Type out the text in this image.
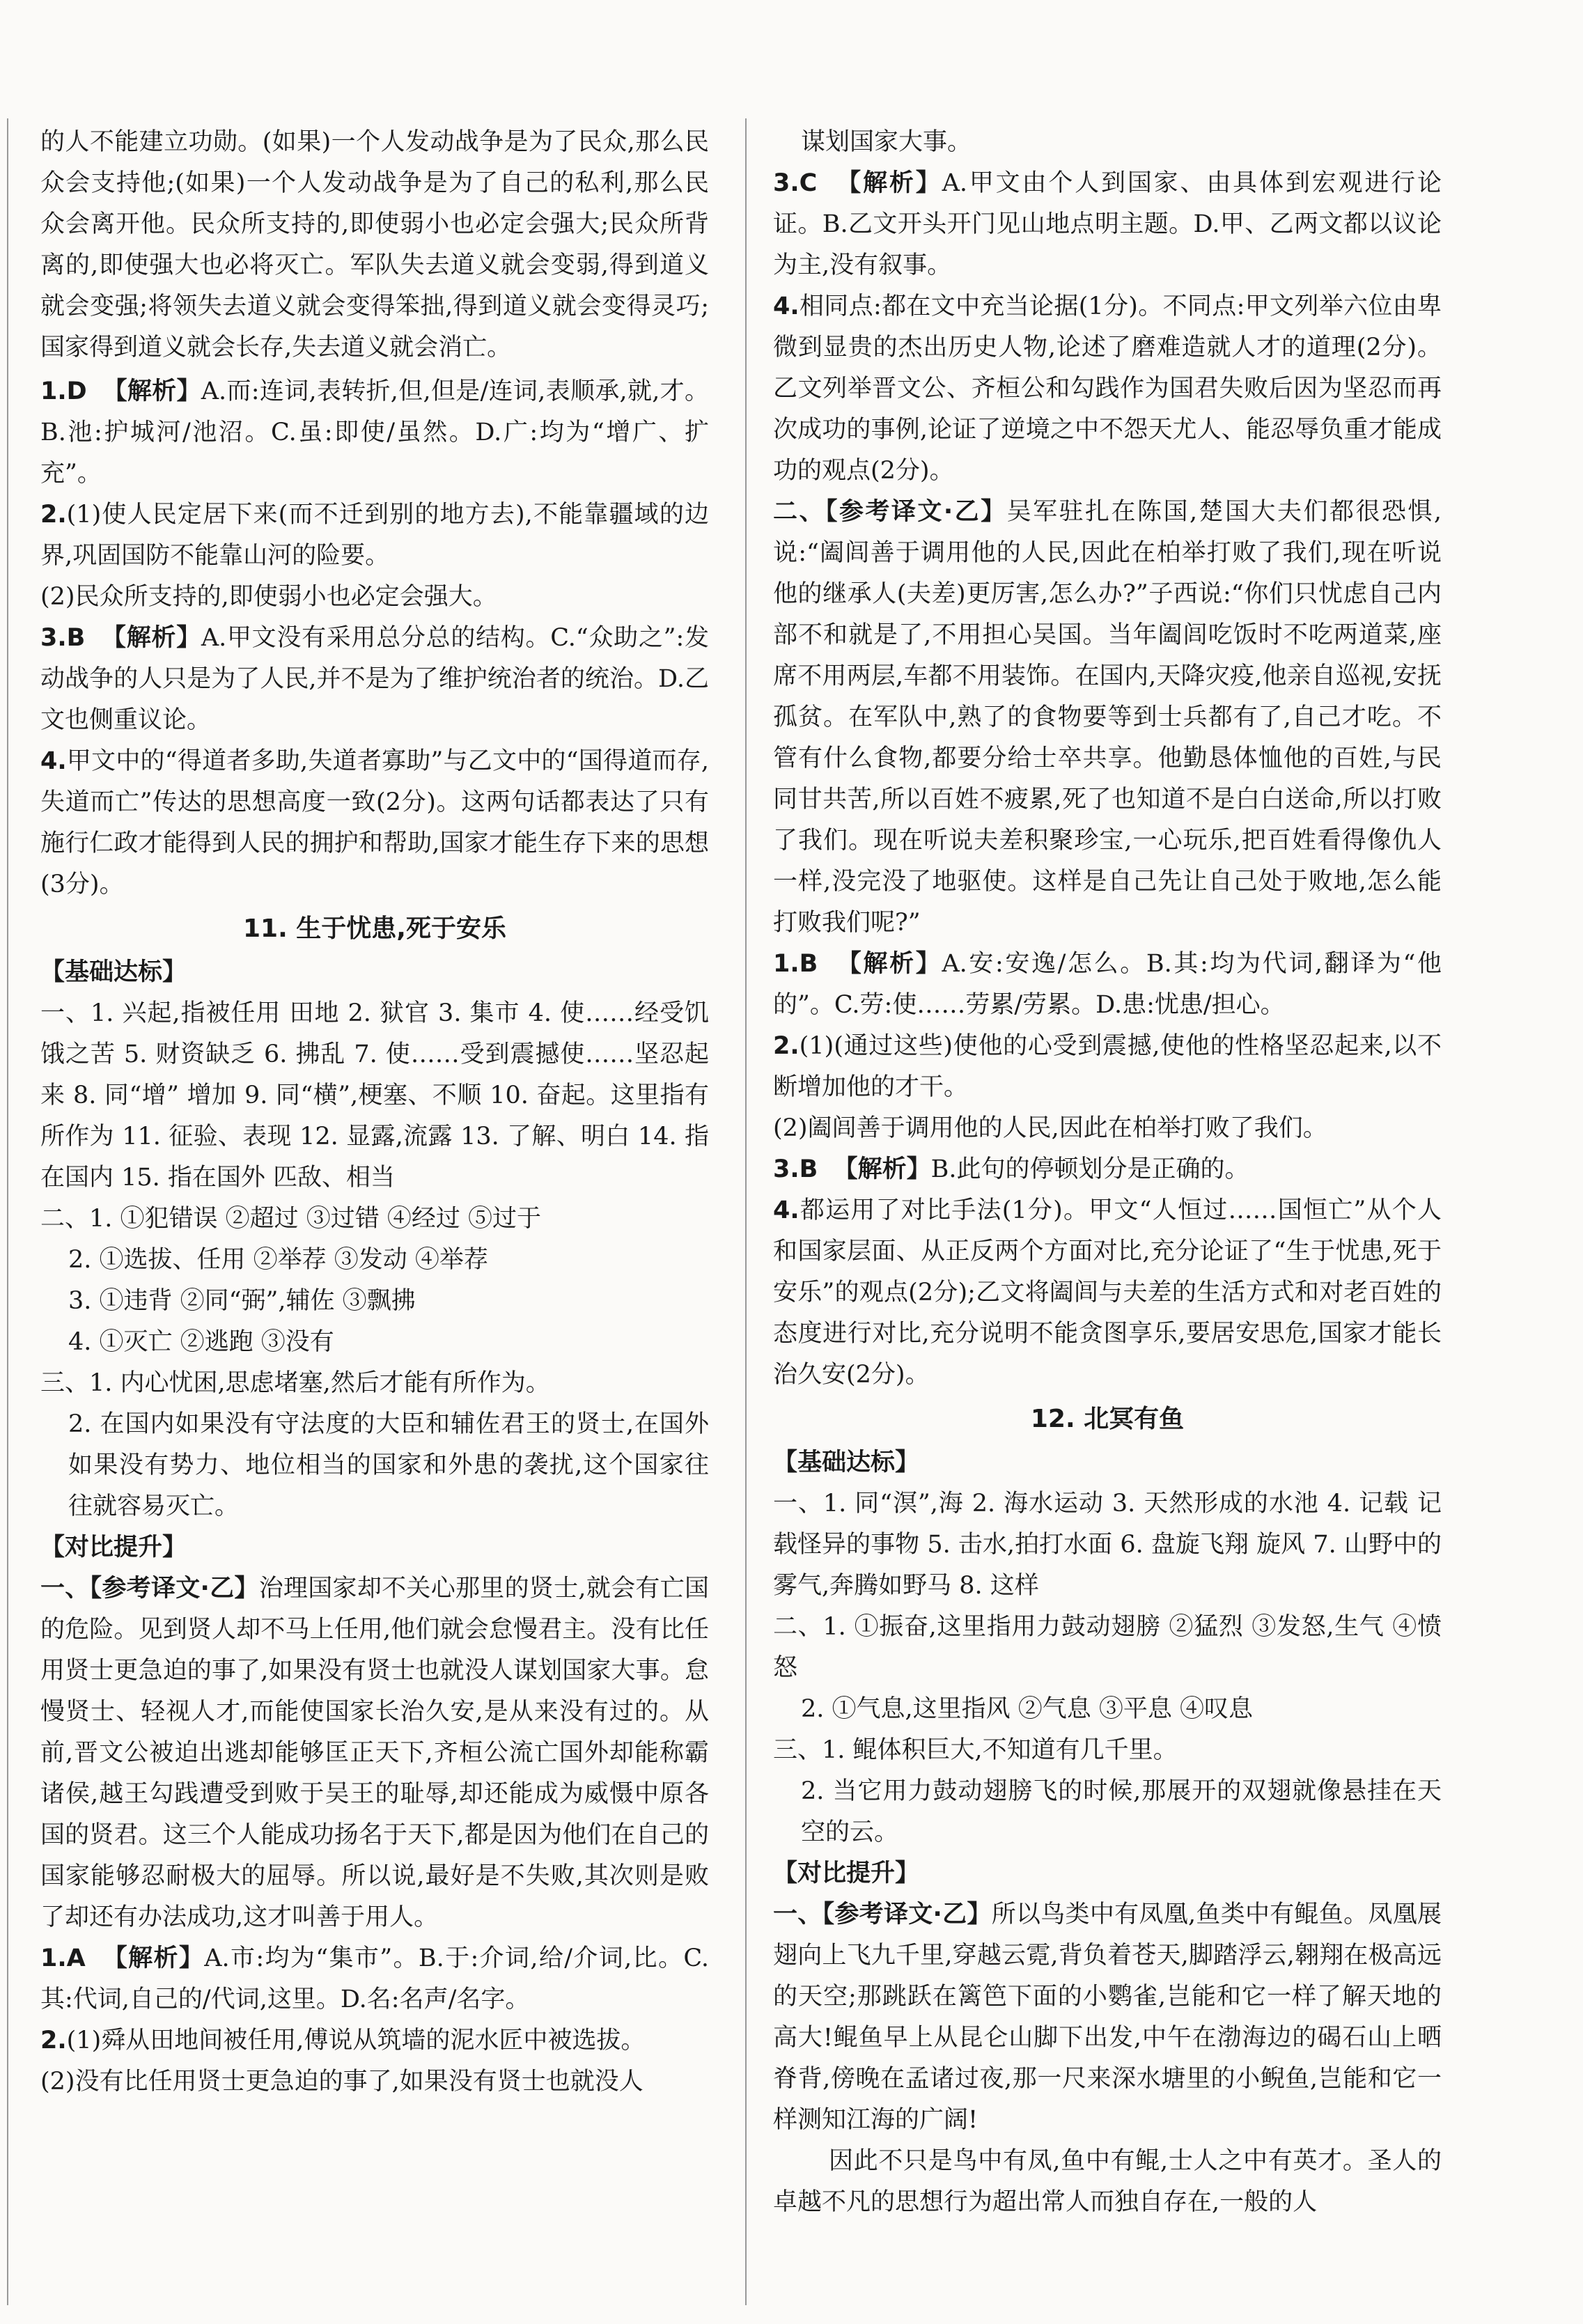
的人不能建立功勋。(如果)一个人发动战争是为了民众,那么民众会支持他;(如果)一个人发动战争是为了自己的私利,那么民众会离开他。民众所支持的,即使弱小也必定会强大;民众所背离的,即使强大也必将灭亡。军队失去道义就会变弱,得到道义就会变强;将领失去道义就会变得笨拙,得到道义就会变得灵巧;国家得到道义就会长存,失去道义就会消亡。

1.D 【解析】A.而:连词,表转折,但,但是/连词,表顺承,就,才。B.池:护城河/池沼。C.虽:即使/虽然。D.广:均为“增广、扩充”。

2.(1)使人民定居下来(而不迁到别的地方去),不能靠疆域的边界,巩固国防不能靠山河的险要。

(2)民众所支持的,即使弱小也必定会强大。

3.B 【解析】A.甲文没有采用总分总的结构。C.“众助之”:发动战争的人只是为了人民,并不是为了维护统治者的统治。D.乙文也侧重议论。

4.甲文中的“得道者多助,失道者寡助”与乙文中的“国得道而存,失道而亡”传达的思想高度一致(2分)。这两句话都表达了只有施行仁政才能得到人民的拥护和帮助,国家才能生存下来的思想(3分)。

11. 生于忧患,死于安乐
【基础达标】

一、1. 兴起,指被任用 田地 2. 狱官 3. 集市 4. 使……经受饥饿之苦 5. 财资缺乏 6. 拂乱 7. 使……受到震撼使……坚忍起来 8. 同“增” 增加 9. 同“横”,梗塞、不顺 10. 奋起。这里指有所作为 11. 征验、表现 12. 显露,流露 13. 了解、明白 14. 指在国内 15. 指在国外 匹敌、相当

二、1. ①犯错误 ②超过 ③过错 ④经过 ⑤过于

2. ①选拔、任用 ②举荐 ③发动 ④举荐

3. ①违背 ②同“弼”,辅佐 ③飘拂

4. ①灭亡 ②逃跑 ③没有

三、1. 内心忧困,思虑堵塞,然后才能有所作为。

2. 在国内如果没有守法度的大臣和辅佐君王的贤士,在国外如果没有势力、地位相当的国家和外患的袭扰,这个国家往往就容易灭亡。

【对比提升】

一、【参考译文·乙】治理国家却不关心那里的贤士,就会有亡国的危险。见到贤人却不马上任用,他们就会怠慢君主。没有比任用贤士更急迫的事了,如果没有贤士也就没人谋划国家大事。怠慢贤士、轻视人才,而能使国家长治久安,是从来没有过的。从前,晋文公被迫出逃却能够匡正天下,齐桓公流亡国外却能称霸诸侯,越王勾践遭受到败于吴王的耻辱,却还能成为威慑中原各国的贤君。这三个人能成功扬名于天下,都是因为他们在自己的国家能够忍耐极大的屈辱。所以说,最好是不失败,其次则是败了却还有办法成功,这才叫善于用人。

1.A 【解析】A.市:均为“集市”。B.于:介词,给/介词,比。C.其:代词,自己的/代词,这里。D.名:名声/名字。

2.(1)舜从田地间被任用,傅说从筑墙的泥水匠中被选拔。

(2)没有比任用贤士更急迫的事了,如果没有贤士也就没人

谋划国家大事。

3.C 【解析】A.甲文由个人到国家、由具体到宏观进行论证。B.乙文开头开门见山地点明主题。D.甲、乙两文都以议论为主,没有叙事。

4.相同点:都在文中充当论据(1分)。不同点:甲文列举六位由卑微到显贵的杰出历史人物,论述了磨难造就人才的道理(2分)。乙文列举晋文公、齐桓公和勾践作为国君失败后因为坚忍而再次成功的事例,论证了逆境之中不怨天尤人、能忍辱负重才能成功的观点(2分)。

二、【参考译文·乙】吴军驻扎在陈国,楚国大夫们都很恐惧,说:“阖闾善于调用他的人民,因此在柏举打败了我们,现在听说他的继承人(夫差)更厉害,怎么办?”子西说:“你们只忧虑自己内部不和就是了,不用担心吴国。当年阖闾吃饭时不吃两道菜,座席不用两层,车都不用装饰。在国内,天降灾疫,他亲自巡视,安抚孤贫。在军队中,熟了的食物要等到士兵都有了,自己才吃。不管有什么食物,都要分给士卒共享。他勤恳体恤他的百姓,与民同甘共苦,所以百姓不疲累,死了也知道不是白白送命,所以打败了我们。现在听说夫差积聚珍宝,一心玩乐,把百姓看得像仇人一样,没完没了地驱使。这样是自己先让自己处于败地,怎么能打败我们呢?”

1.B 【解析】A.安:安逸/怎么。B.其:均为代词,翻译为“他的”。C.劳:使……劳累/劳累。D.患:忧患/担心。

2.(1)(通过这些)使他的心受到震撼,使他的性格坚忍起来,以不断增加他的才干。

(2)阖闾善于调用他的人民,因此在柏举打败了我们。

3.B 【解析】B.此句的停顿划分是正确的。

4.都运用了对比手法(1分)。甲文“人恒过……国恒亡”从个人和国家层面、从正反两个方面对比,充分论证了“生于忧患,死于安乐”的观点(2分);乙文将阖闾与夫差的生活方式和对老百姓的态度进行对比,充分说明不能贪图享乐,要居安思危,国家才能长治久安(2分)。

12. 北冥有鱼
【基础达标】

一、1. 同“溟”,海 2. 海水运动 3. 天然形成的水池 4. 记载 记载怪异的事物 5. 击水,拍打水面 6. 盘旋飞翔 旋风 7. 山野中的雾气,奔腾如野马 8. 这样

二、1. ①振奋,这里指用力鼓动翅膀 ②猛烈 ③发怒,生气 ④愤怒

2. ①气息,这里指风 ②气息 ③平息 ④叹息

三、1. 鲲体积巨大,不知道有几千里。

2. 当它用力鼓动翅膀飞的时候,那展开的双翅就像悬挂在天空的云。

【对比提升】

一、【参考译文·乙】所以鸟类中有凤凰,鱼类中有鲲鱼。凤凰展翅向上飞九千里,穿越云霓,背负着苍天,脚踏浮云,翱翔在极高远的天空;那跳跃在篱笆下面的小鹦雀,岂能和它一样了解天地的高大!鲲鱼早上从昆仑山脚下出发,中午在渤海边的碣石山上晒脊背,傍晚在孟诸过夜,那一尺来深水塘里的小鲵鱼,岂能和它一样测知江海的广阔!

因此不只是鸟中有凤,鱼中有鲲,士人之中有英才。圣人的卓越不凡的思想行为超出常人而独自存在,一般的人
